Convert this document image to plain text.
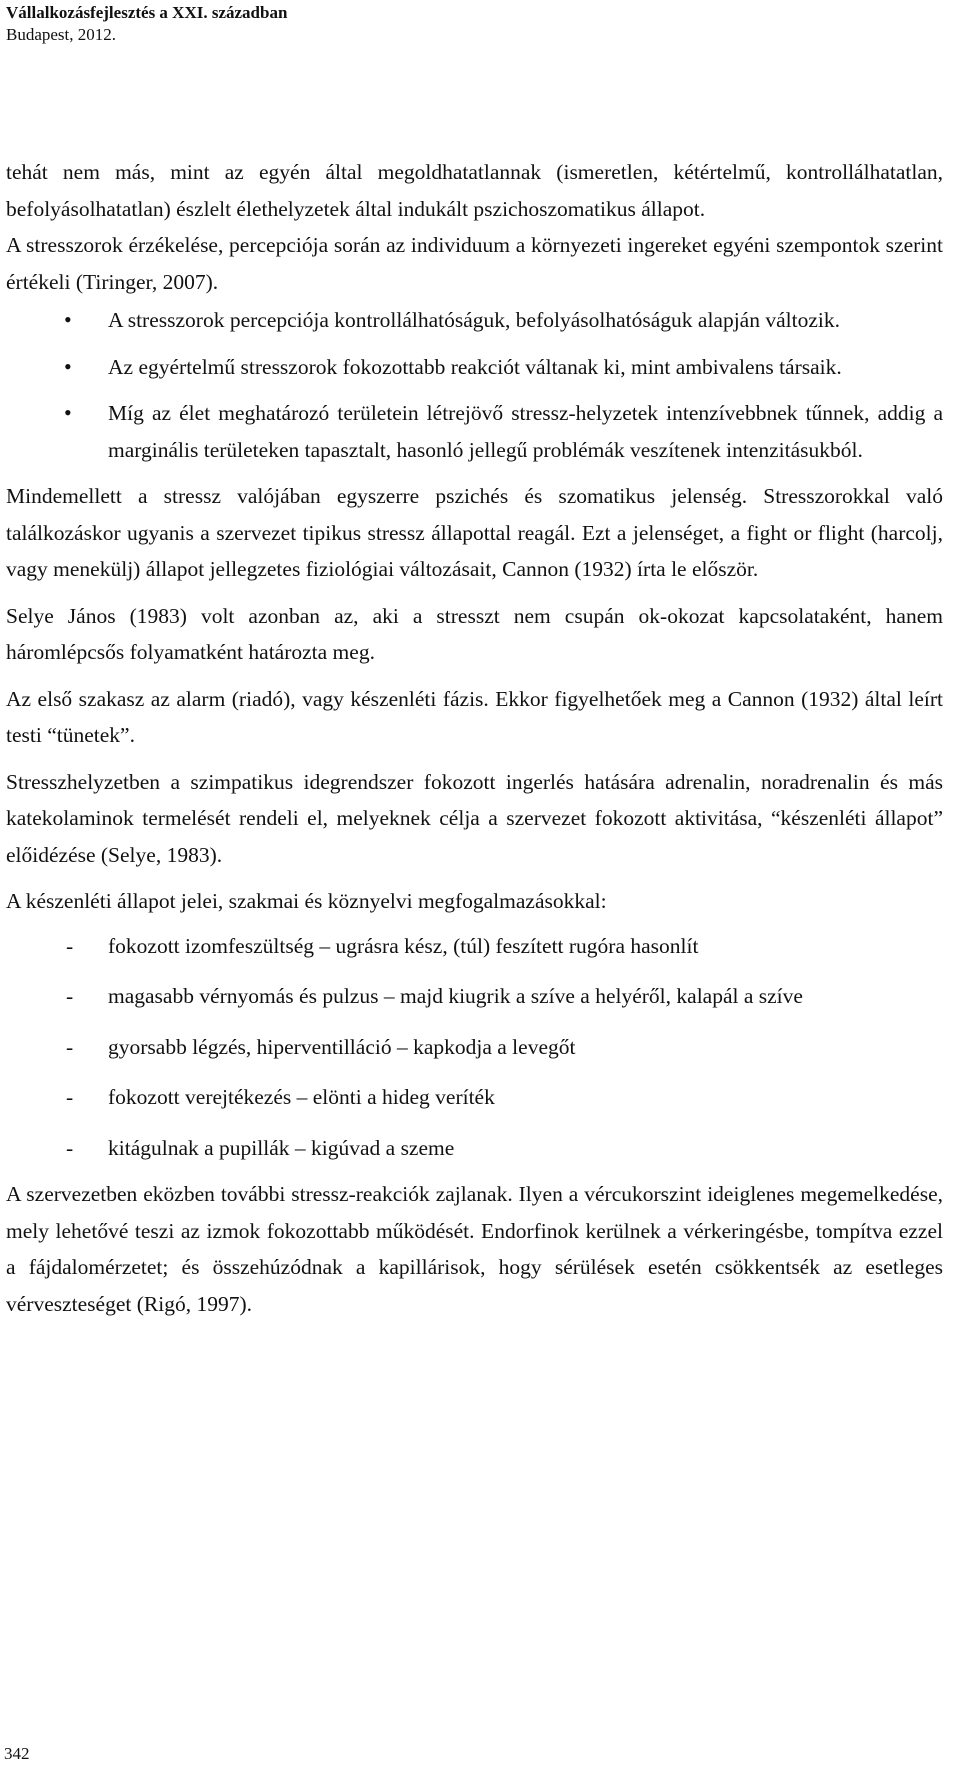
Vállalkozásfejlesztés a XXI. században
Budapest, 2012.

tehát nem más, mint az egyén által megoldhatatlannak (ismeretlen, kétértelmű, kontrollálhatatlan, befolyásolhatatlan) észlelt élethelyzetek által indukált pszichoszomatikus állapot.

A stresszorok érzékelése, percepciója során az individuum a környezeti ingereket egyéni szempontok szerint értékeli (Tiringer, 2007).

• A stresszorok percepciója kontrollálhatóságuk, befolyásolhatóságuk alapján változik.
• Az egyértelmű stresszorok fokozottabb reakciót váltanak ki, mint ambivalens társaik.
• Míg az élet meghatározó területein létrejövő stressz-helyzetek intenzívebbnek tűnnek, addig a marginális területeken tapasztalt, hasonló jellegű problémák veszítenek intenzitásukból.

Mindemellett a stressz valójában egyszerre pszichés és szomatikus jelenség. Stresszorokkal való találkozáskor ugyanis a szervezet tipikus stressz állapottal reagál. Ezt a jelenséget, a fight or flight (harcolj, vagy menekülj) állapot jellegzetes fiziológiai változásait, Cannon (1932) írta le először.

Selye János (1983) volt azonban az, aki a stresszt nem csupán ok-okozat kapcsolataként, hanem háromlépcsős folyamatként határozta meg.

Az első szakasz az alarm (riadó), vagy készenléti fázis. Ekkor figyelhetőek meg a Cannon (1932) által leírt testi “tünetek”.

Stresszhelyzetben a szimpatikus idegrendszer fokozott ingerlés hatására adrenalin, noradrenalin és más katekolaminok termelését rendeli el, melyeknek célja a szervezet fokozott aktivitása, “készenléti állapot” előidézése (Selye, 1983).

A készenléti állapot jelei, szakmai és köznyelvi megfogalmazásokkal:

- fokozott izomfeszültség – ugrásra kész, (túl) feszített rugóra hasonlít
- magasabb vérnyomás és pulzus – majd kiugrik a szíve a helyéről, kalapál a szíve
- gyorsabb légzés, hiperventilláció – kapkodja a levegőt
- fokozott verejtékezés – elönti a hideg veríték
- kitágulnak a pupillák – kigúvad a szeme

A szervezetben eközben további stressz-reakciók zajlanak. Ilyen a vércukorszint ideiglenes megemelkedése, mely lehetővé teszi az izmok fokozottabb működését. Endorfinok kerülnek a vérkeringésbe, tompítva ezzel a fájdalomérzetet; és összehúzódnak a kapillárisok, hogy sérülések esetén csökkentsék az esetleges vérveszteséget (Rigó, 1997).

342
